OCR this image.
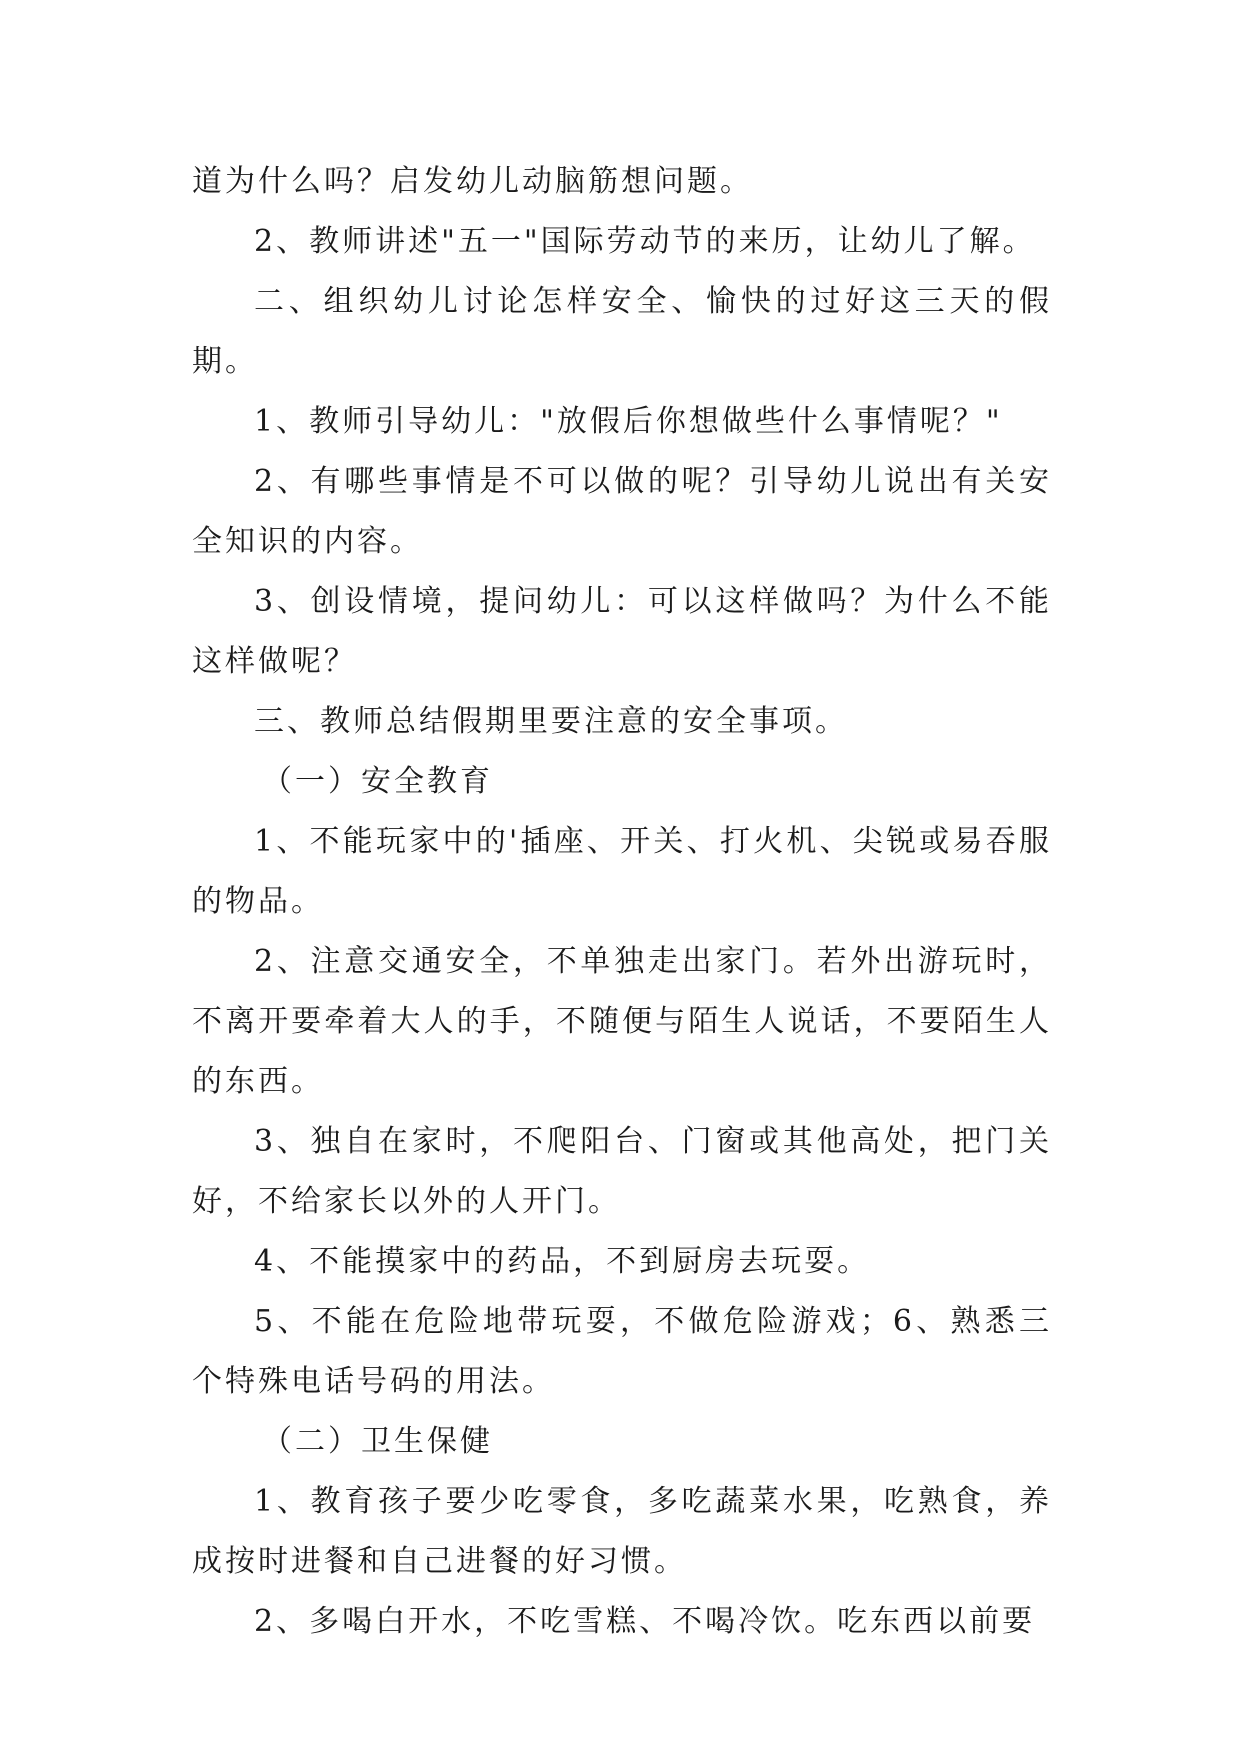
道为什么吗？启发幼儿动脑筋想问题。

2、教师讲述"五一"国际劳动节的来历，让幼儿了解。

二、组织幼儿讨论怎样安全、愉快的过好这三天的假期。

1、教师引导幼儿："放假后你想做些什么事情呢？"

2、有哪些事情是不可以做的呢？引导幼儿说出有关安全知识的内容。

3、创设情境，提问幼儿：可以这样做吗？为什么不能这样做呢？

三、教师总结假期里要注意的安全事项。

（一）安全教育

1、不能玩家中的'插座、开关、打火机、尖锐或易吞服的物品。

2、注意交通安全，不单独走出家门。若外出游玩时，不离开要牵着大人的手，不随便与陌生人说话，不要陌生人的东西。

3、独自在家时，不爬阳台、门窗或其他高处，把门关好，不给家长以外的人开门。

4、不能摸家中的药品，不到厨房去玩耍。

5、不能在危险地带玩耍，不做危险游戏；6、熟悉三个特殊电话号码的用法。

（二）卫生保健

1、教育孩子要少吃零食，多吃蔬菜水果，吃熟食，养成按时进餐和自己进餐的好习惯。

2、多喝白开水，不吃雪糕、不喝冷饮。吃东西以前要
